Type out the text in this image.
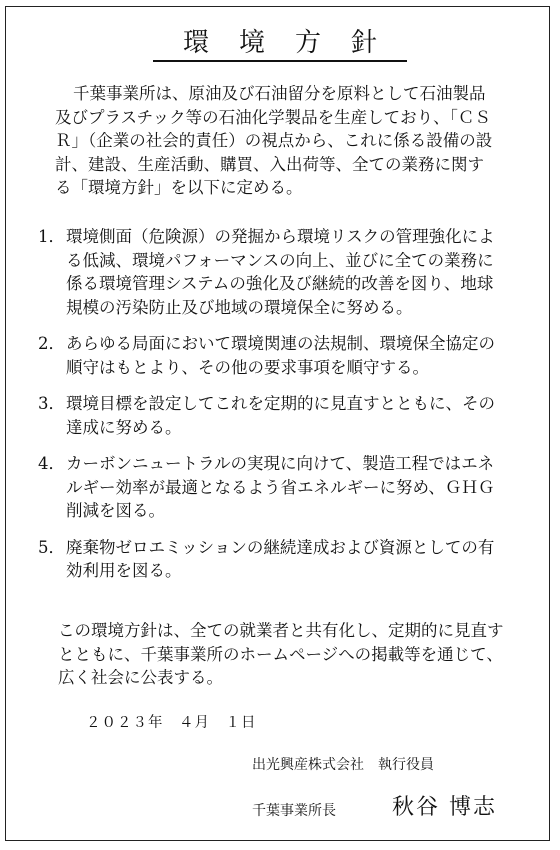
環境方針

千葉事業所は、原油及び石油留分を原料として石油製品及びプラスチック等の石油化学製品を生産しており、「ＣＳＲ」（企業の社会的責任）の視点から、これに係る設備の設計、建設、生産活動、購買、入出荷等、全ての業務に関する「環境方針」を以下に定める。

1． 環境側面（危険源）の発掘から環境リスクの管理強化による低減、環境パフォーマンスの向上、並びに全ての業務に係る環境管理システムの強化及び継続的改善を図り、地球規模の汚染防止及び地域の環境保全に努める。
2． あらゆる局面において環境関連の法規制、環境保全協定の順守はもとより、その他の要求事項を順守する。
3． 環境目標を設定してこれを定期的に見直すとともに、その達成に努める。
4． カーボンニュートラルの実現に向けて、製造工程ではエネルギー効率が最適となるよう省エネルギーに努め、ＧＨＧ削減を図る。
5． 廃棄物ゼロエミッションの継続達成および資源としての有効利用を図る。
この環境方針は、全ての就業者と共有化し、定期的に見直すとともに、千葉事業所のホームページへの掲載等を通じて、広く社会に公表する。
２０２３年　４月　１日
出光興産株式会社　執行役員
千葉事業所長	秋谷 博志
